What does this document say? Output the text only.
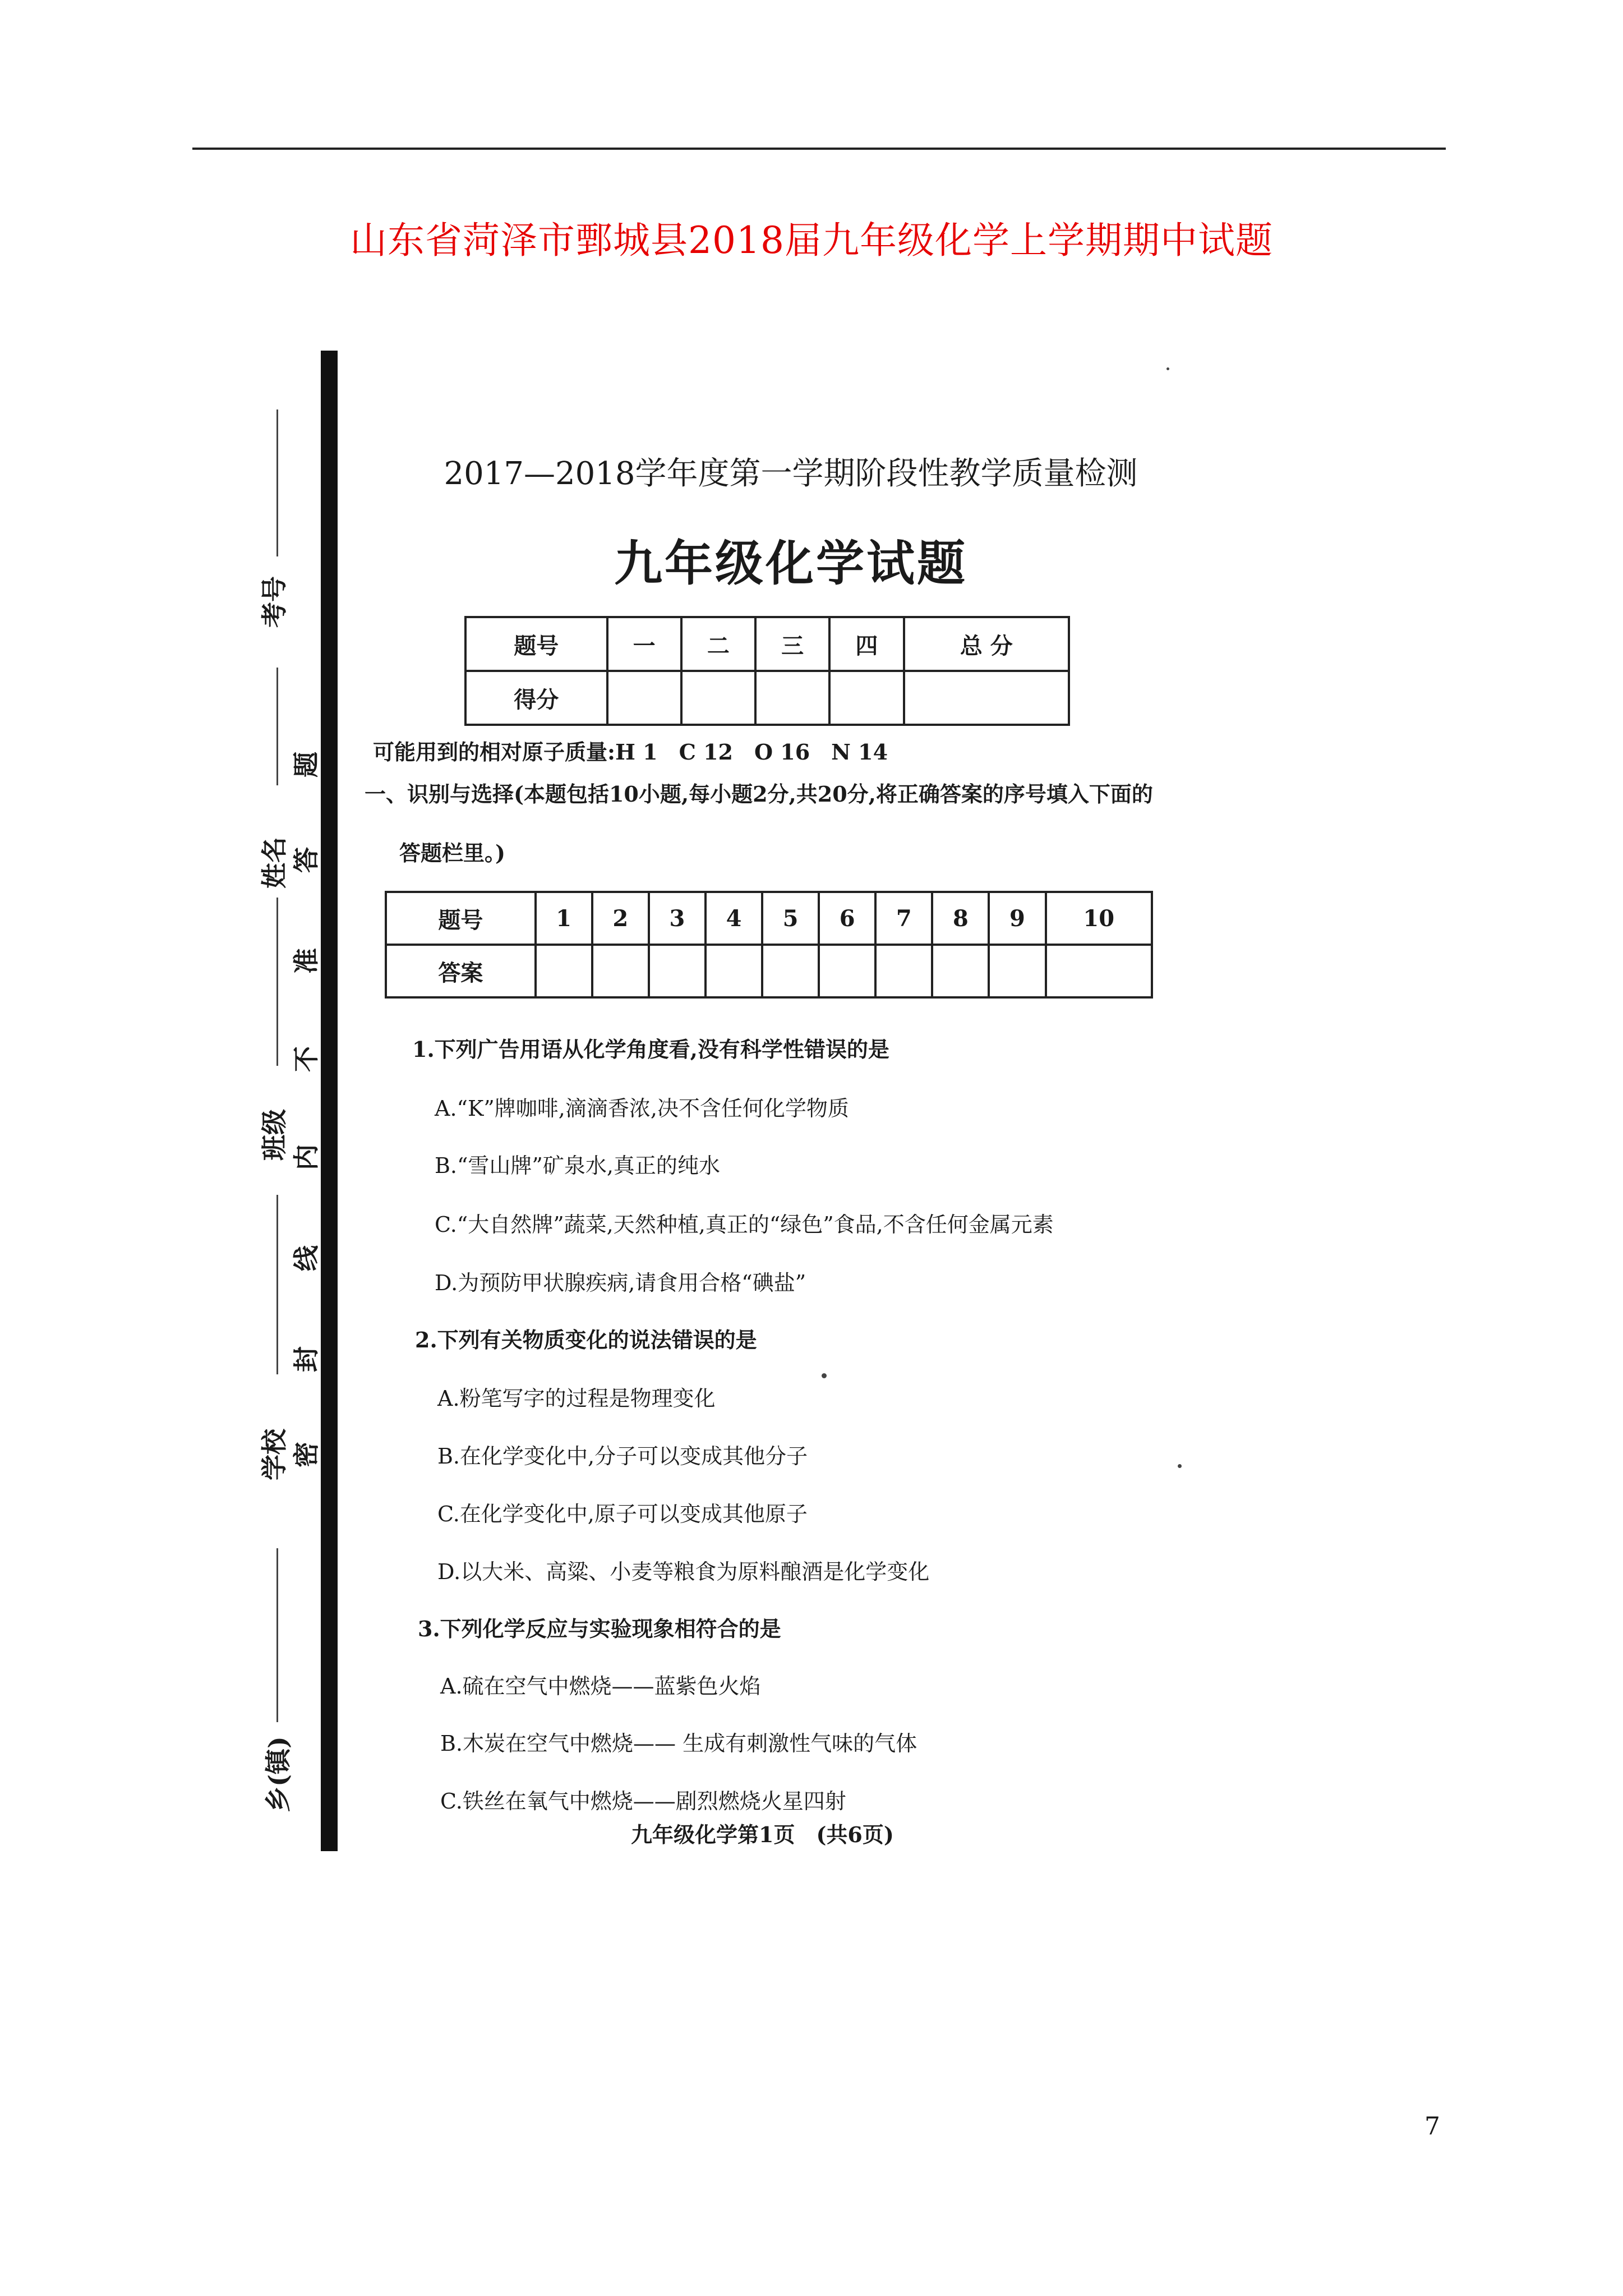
山东省菏泽市鄄城县2018届九年级化学上学期期中试题
考号
姓名
班级
学校
乡(镇)
题
答
准
不
内
线
封
密
2017—2018学年度第一学期阶段性教学质量检测
九年级化学试题
题号	一	二	三	四	总 分
得分					
可能用到的相对原子质量:H 1　C 12　O 16　N 14
一、识别与选择(本题包括10小题,每小题2分,共20分,将正确答案的序号填入下面的
答题栏里。)
题号	1	2	3	4	5	6	7	8	9	10
答案										
1.下列广告用语从化学角度看,没有科学性错误的是
A.“K”牌咖啡,滴滴香浓,决不含任何化学物质
B.“雪山牌”矿泉水,真正的纯水
C.“大自然牌”蔬菜,天然种植,真正的“绿色”食品,不含任何金属元素
D.为预防甲状腺疾病,请食用合格“碘盐”
2.下列有关物质变化的说法错误的是
A.粉笔写字的过程是物理变化
B.在化学变化中,分子可以变成其他分子
C.在化学变化中,原子可以变成其他原子
D.以大米、高粱、小麦等粮食为原料酿酒是化学变化
3.下列化学反应与实验现象相符合的是
A.硫在空气中燃烧——蓝紫色火焰
B.木炭在空气中燃烧—— 生成有刺激性气味的气体
C.铁丝在氧气中燃烧——剧烈燃烧火星四射
九年级化学第1页　(共6页)
7
